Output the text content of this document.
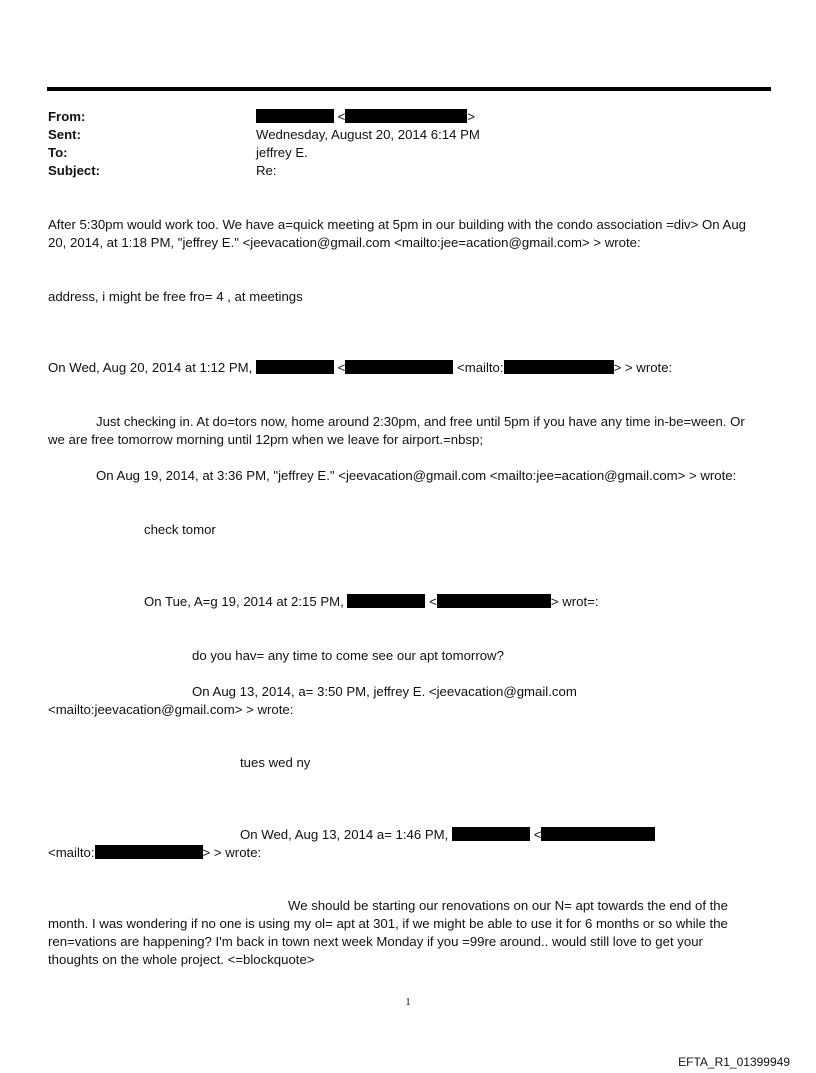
From:	<	>
Sent:	Wednesday, August 20, 2014 6:14 PM
To:	jeffrey E.
Subject:	Re:
After 5:30pm would work too. We have a=quick meeting at 5pm in our building with the condo association =div> On Aug
20, 2014, at 1:18 PM, "jeffrey E." <jeevacation@gmail.com <mailto:jee=acation@gmail.com> > wrote:
address, i might be free fro= 4 , at meetings
On Wed, Aug 20, 2014 at 1:12 PM,	<	<mailto:	> > wrote:
Just checking in. At do=tors now, home around 2:30pm, and free until 5pm if you have any time in-be=ween. Or
we are free tomorrow morning until 12pm when we leave for airport.=nbsp;
On Aug 19, 2014, at 3:36 PM, "jeffrey E." <jeevacation@gmail.com <mailto:jee=acation@gmail.com> > wrote:
check tomor
On Tue, A=g 19, 2014 at 2:15 PM,	<	> wrot=:
do you hav= any time to come see our apt tomorrow?
On Aug 13, 2014, a= 3:50 PM, jeffrey E. <jeevacation@gmail.com
<mailto:jeevacation@gmail.com> > wrote:
tues wed ny
On Wed, Aug 13, 2014 a= 1:46 PM,	<
<mailto:	> > wrote:
We should be starting our renovations on our N= apt towards the end of the
month. I was wondering if no one is using my ol= apt at 301, if we might be able to use it for 6 months or so while the
ren=vations are happening? I'm back in town next week Monday if you =99re around.. would still love to get your
thoughts on the whole project. <=blockquote>
1
EFTA_R1_01399949
